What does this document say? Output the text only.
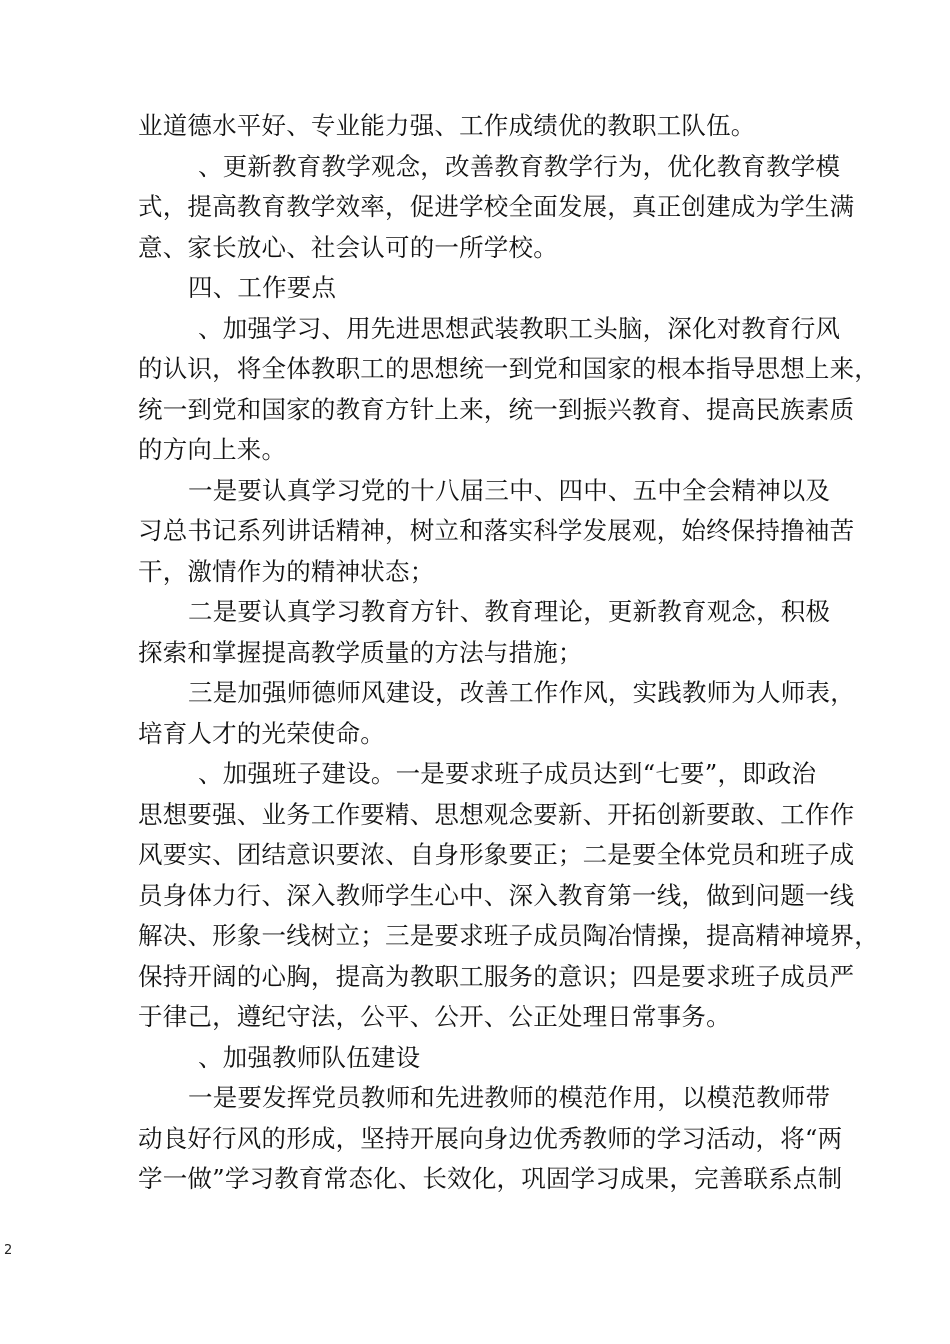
业道德水平好、专业能力强、工作成绩优的教职工队伍。
、更新教育教学观念，改善教育教学行为，优化教育教学模
式，提高教育教学效率，促进学校全面发展，真正创建成为学生满
意、家长放心、社会认可的一所学校。
四、工作要点
、加强学习、用先进思想武装教职工头脑，深化对教育行风
的认识，将全体教职工的思想统一到党和国家的根本指导思想上来，
统一到党和国家的教育方针上来，统一到振兴教育、提高民族素质
的方向上来。
一是要认真学习党的十八届三中、四中、五中全会精神以及
习总书记系列讲话精神，树立和落实科学发展观，始终保持撸袖苦
干，激情作为的精神状态；
二是要认真学习教育方针、教育理论，更新教育观念，积极
探索和掌握提高教学质量的方法与措施；
三是加强师德师风建设，改善工作作风，实践教师为人师表，
培育人才的光荣使命。
、加强班子建设。一是要求班子成员达到“七要”，即政治
思想要强、业务工作要精、思想观念要新、开拓创新要敢、工作作
风要实、团结意识要浓、自身形象要正；二是要全体党员和班子成
员身体力行、深入教师学生心中、深入教育第一线，做到问题一线
解决、形象一线树立；三是要求班子成员陶冶情操，提高精神境界，
保持开阔的心胸，提高为教职工服务的意识；四是要求班子成员严
于律己，遵纪守法，公平、公开、公正处理日常事务。
、加强教师队伍建设
一是要发挥党员教师和先进教师的模范作用，以模范教师带
动良好行风的形成，坚持开展向身边优秀教师的学习活动，将“两
学一做”学习教育常态化、长效化，巩固学习成果，完善联系点制
2
